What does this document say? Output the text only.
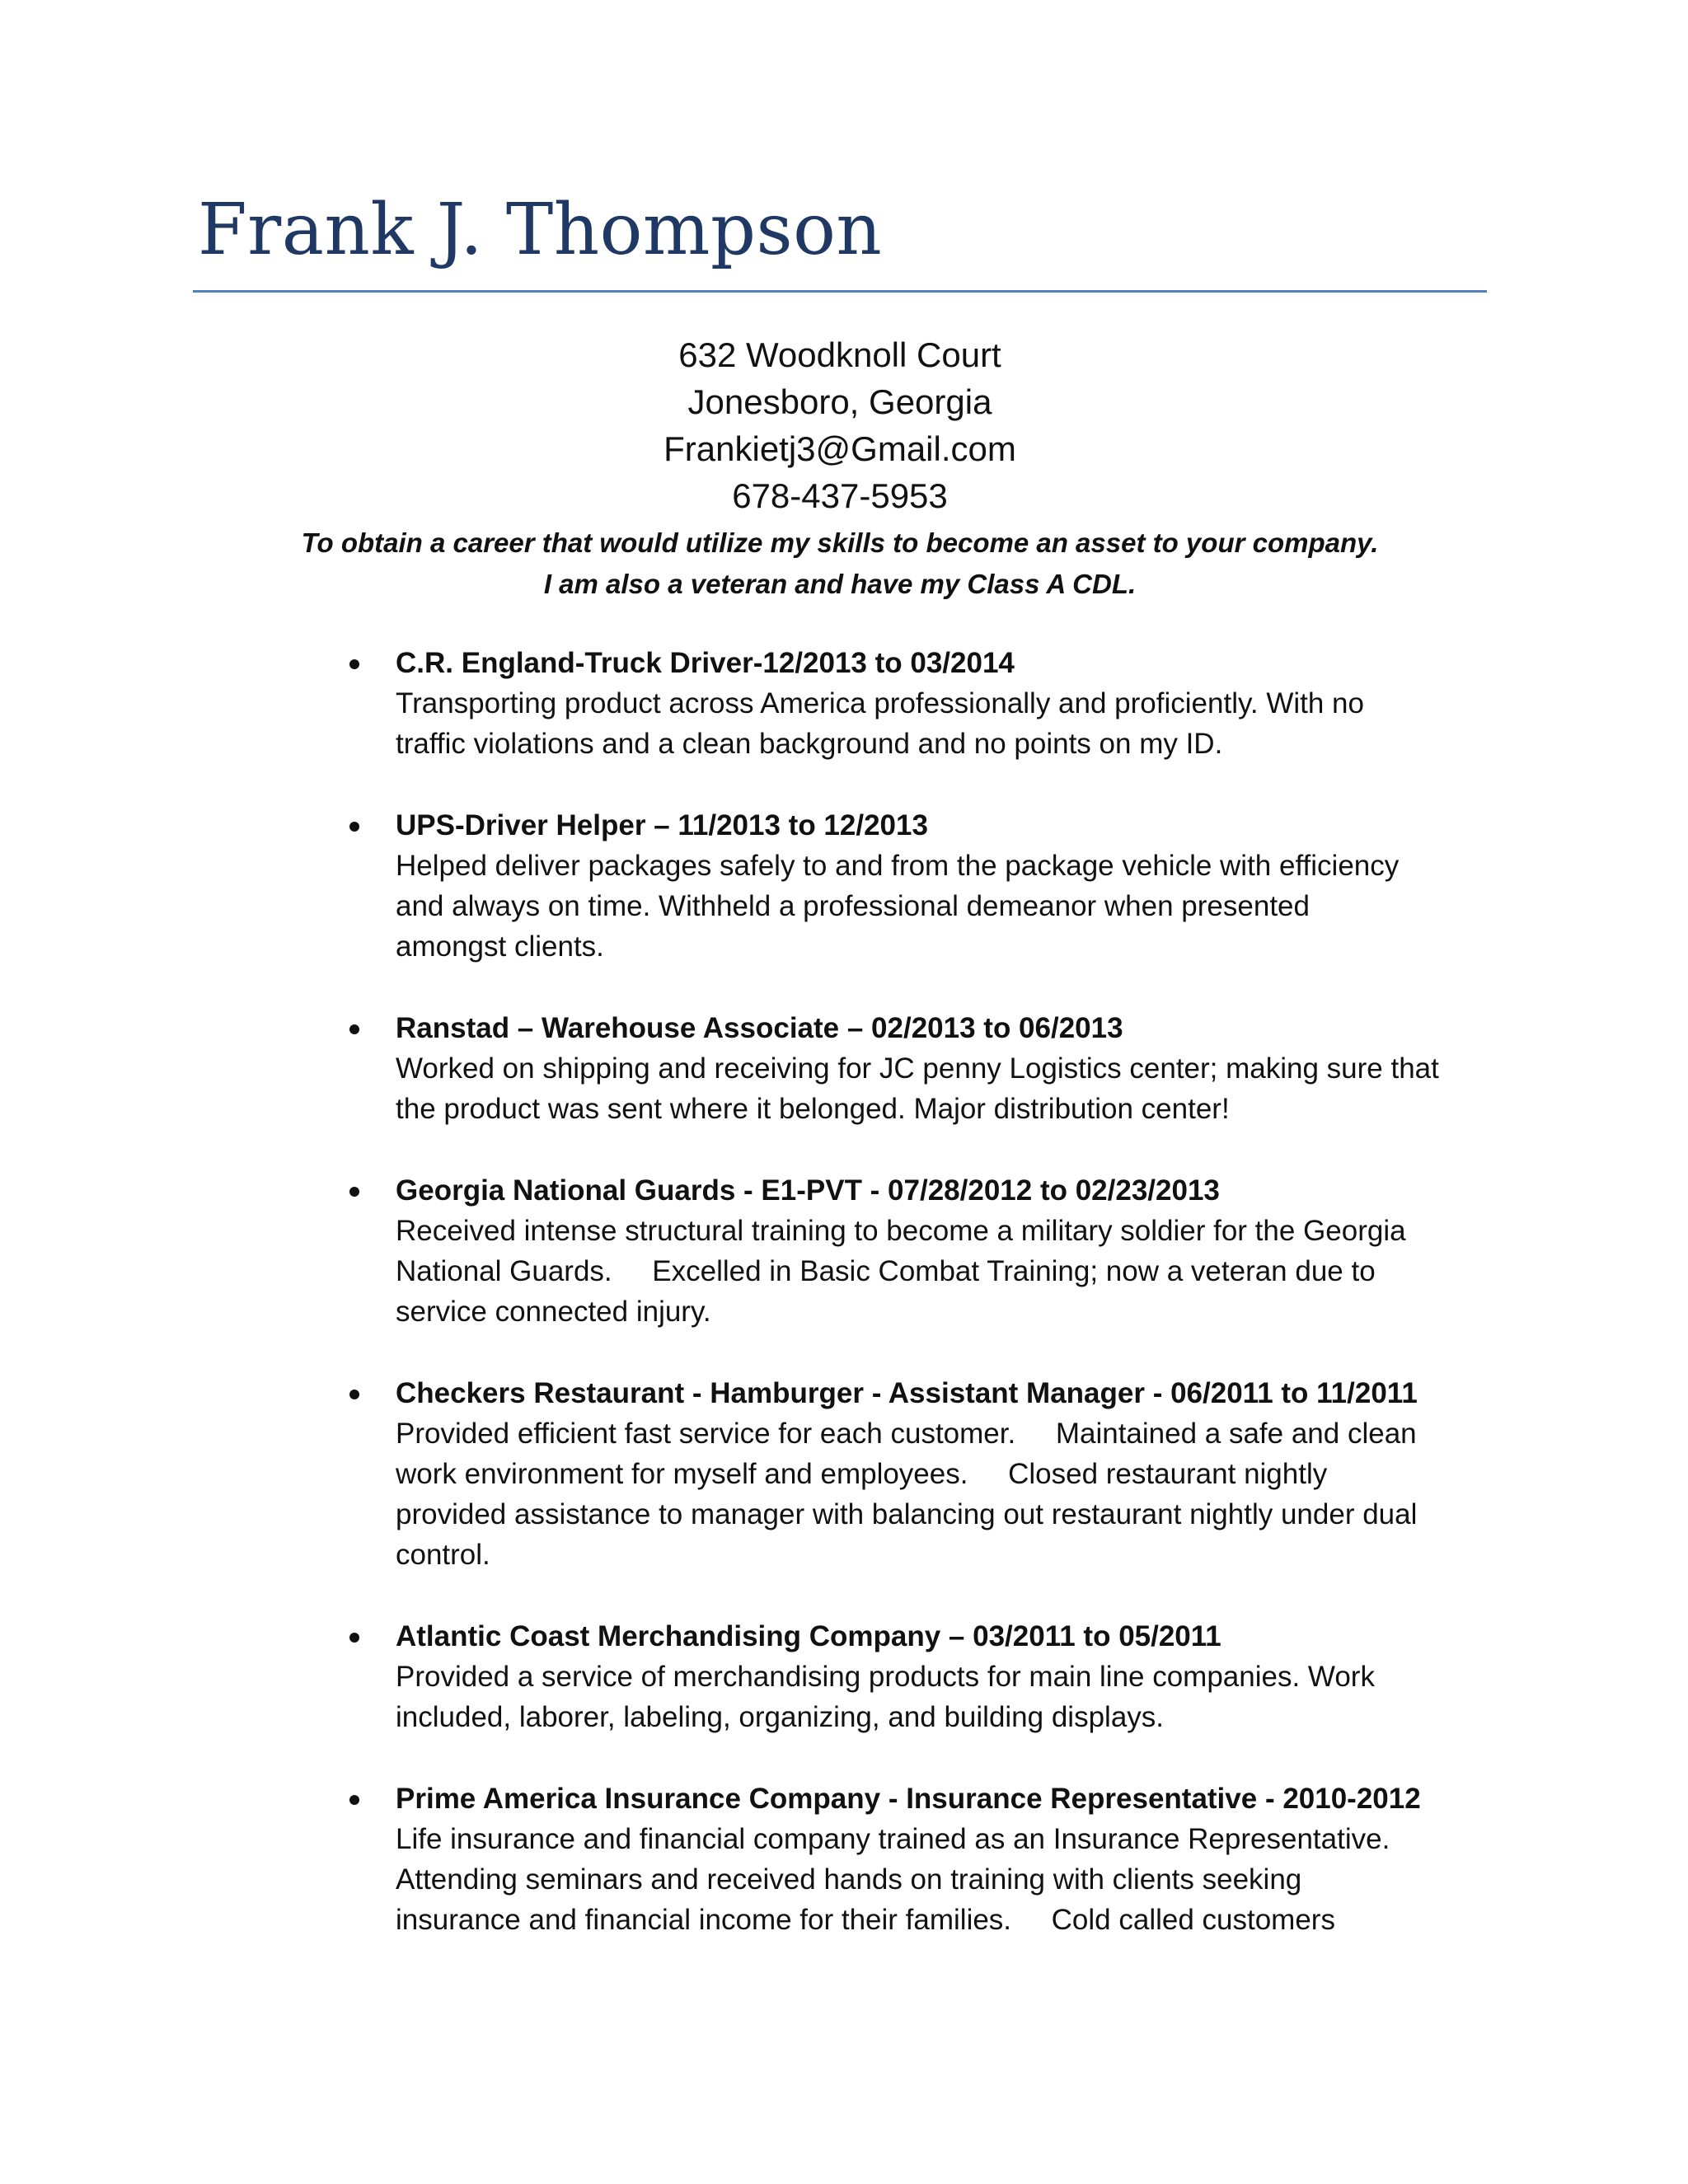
Frank J. Thompson
632 Woodknoll Court
Jonesboro, Georgia
Frankietj3@Gmail.com
678-437-5953
To obtain a career that would utilize my skills to become an asset to your company.
I am also a veteran and have my Class A CDL.
C.R. England-Truck Driver-12/2013 to 03/2014
Transporting product across America professionally and proficiently. With no
traffic violations and a clean background and no points on my ID.
UPS-Driver Helper – 11/2013 to 12/2013
Helped deliver packages safely to and from the package vehicle with efficiency
and always on time. Withheld a professional demeanor when presented
amongst clients.
Ranstad – Warehouse Associate – 02/2013 to 06/2013
Worked on shipping and receiving for JC penny Logistics center; making sure that
the product was sent where it belonged. Major distribution center!
Georgia National Guards - E1-PVT - 07/28/2012 to 02/23/2013
Received intense structural training to become a military soldier for the Georgia
National Guards.     Excelled in Basic Combat Training; now a veteran due to
service connected injury.
Checkers Restaurant - Hamburger - Assistant Manager - 06/2011 to 11/2011
Provided efficient fast service for each customer.     Maintained a safe and clean
work environment for myself and employees.     Closed restaurant nightly
provided assistance to manager with balancing out restaurant nightly under dual
control.
Atlantic Coast Merchandising Company – 03/2011 to 05/2011
Provided a service of merchandising products for main line companies. Work
included, laborer, labeling, organizing, and building displays.
Prime America Insurance Company - Insurance Representative - 2010-2012
Life insurance and financial company trained as an Insurance Representative.
Attending seminars and received hands on training with clients seeking
insurance and financial income for their families.     Cold called customers
